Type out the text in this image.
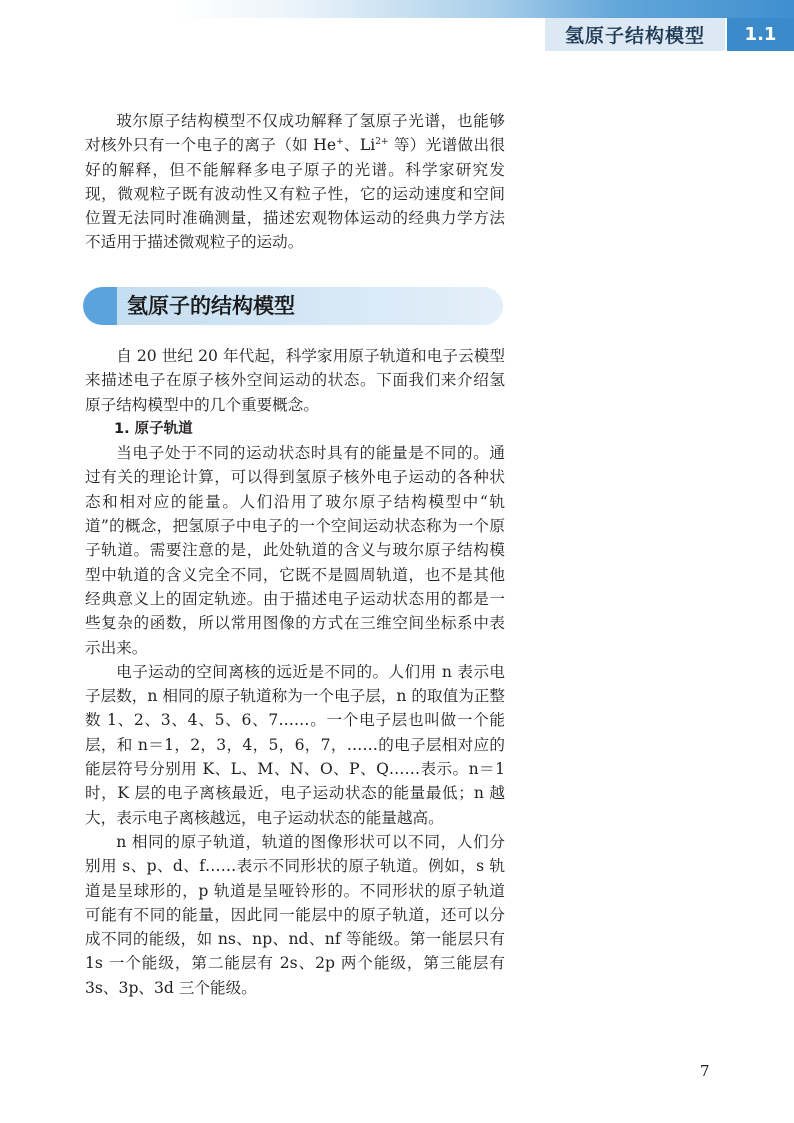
氢原子结构模型	1.1

玻尔原子结构模型不仅成功解释了氢原子光谱，也能够对核外只有一个电子的离子（如 He+、$Li^{2+}$ 等）光谱做出很好的解释，但不能解释多电子原子的光谱。科学家研究发现，微观粒子既有波动性又有粒子性，它的运动速度和空间位置无法同时准确测量，描述宏观物体运动的经典力学方法不适用于描述微观粒子的运动。

氢原子的结构模型

自 20 世纪 20 年代起，科学家用原子轨道和电子云模型来描述电子在原子核外空间运动的状态。下面我们来介绍氢原子结构模型中的几个重要概念。

1. 原子轨道

当电子处于不同的运动状态时具有的能量是不同的。通过有关的理论计算，可以得到氢原子核外电子运动的各种状态和相对应的能量。人们沿用了玻尔原子结构模型中“轨道”的概念，把氢原子中电子的一个空间运动状态称为一个原子轨道。需要注意的是，此处轨道的含义与玻尔原子结构模型中轨道的含义完全不同，它既不是圆周轨道，也不是其他经典意义上的固定轨迹。由于描述电子运动状态用的都是一些复杂的函数，所以常用图像的方式在三维空间坐标系中表示出来。

电子运动的空间离核的远近是不同的。人们用 n 表示电子层数，n 相同的原子轨道称为一个电子层，n 的取值为正整数 1、2、3、4、5、6、7……。一个电子层也叫做一个能层，和 n＝1，2，3，4，5，6，7，……的电子层相对应的能层符号分别用 K、L、M、N、O、P、Q……表示。n＝1 时，K 层的电子离核最近，电子运动状态的能量最低；n 越大，表示电子离核越远，电子运动状态的能量越高。

n 相同的原子轨道，轨道的图像形状可以不同，人们分别用 s、p、d、f……表示不同形状的原子轨道。例如，s 轨道是呈球形的，p 轨道是呈哑铃形的。不同形状的原子轨道可能有不同的能量，因此同一能层中的原子轨道，还可以分成不同的能级，如 ns、np、nd、nf 等能级。第一能层只有 1s 一个能级，第二能层有 2s、2p 两个能级，第三能层有 3s、3p、3d 三个能级。

7
